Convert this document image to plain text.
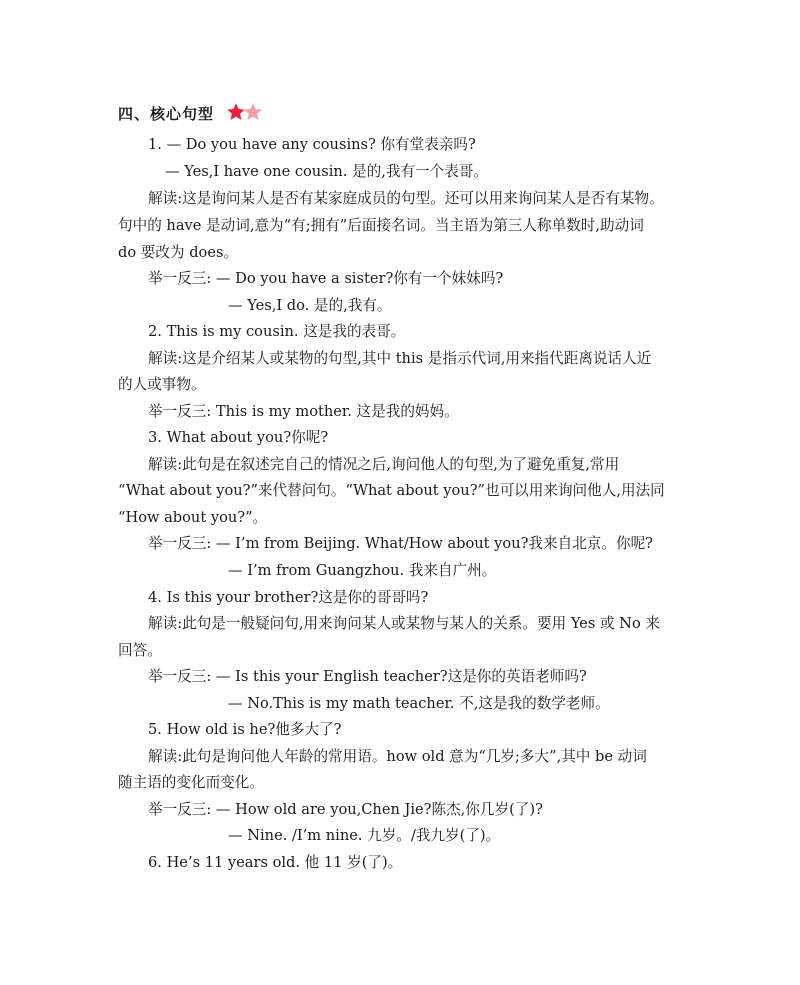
四、核心句型
1. — Do you have any cousins? 你有堂表亲吗?
— Yes,I have one cousin. 是的,我有一个表哥。
解读:这是询问某人是否有某家庭成员的句型。还可以用来询问某人是否有某物。
句中的 have 是动词,意为“有;拥有”后面接名词。当主语为第三人称单数时,助动词
do 要改为 does。
举一反三: — Do you have a sister?你有一个妹妹吗?
— Yes,I do. 是的,我有。
2. This is my cousin. 这是我的表哥。
解读:这是介绍某人或某物的句型,其中 this 是指示代词,用来指代距离说话人近
的人或事物。
举一反三: This is my mother. 这是我的妈妈。
3. What about you?你呢?
解读:此句是在叙述完自己的情况之后,询问他人的句型,为了避免重复,常用
“What about you?”来代替问句。“What about you?”也可以用来询问他人,用法同
“How about you?”。
举一反三: — I’m from Beijing. What/How about you?我来自北京。你呢?
— I’m from Guangzhou. 我来自广州。
4. Is this your brother?这是你的哥哥吗?
解读:此句是一般疑问句,用来询问某人或某物与某人的关系。要用 Yes 或 No 来
回答。
举一反三: — Is this your English teacher?这是你的英语老师吗?
— No.This is my math teacher. 不,这是我的数学老师。
5. How old is he?他多大了?
解读:此句是询问他人年龄的常用语。how old 意为“几岁;多大”,其中 be 动词
随主语的变化而变化。
举一反三: — How old are you,Chen Jie?陈杰,你几岁(了)?
— Nine. /I’m nine. 九岁。/我九岁(了)。
6. He’s 11 years old. 他 11 岁(了)。
